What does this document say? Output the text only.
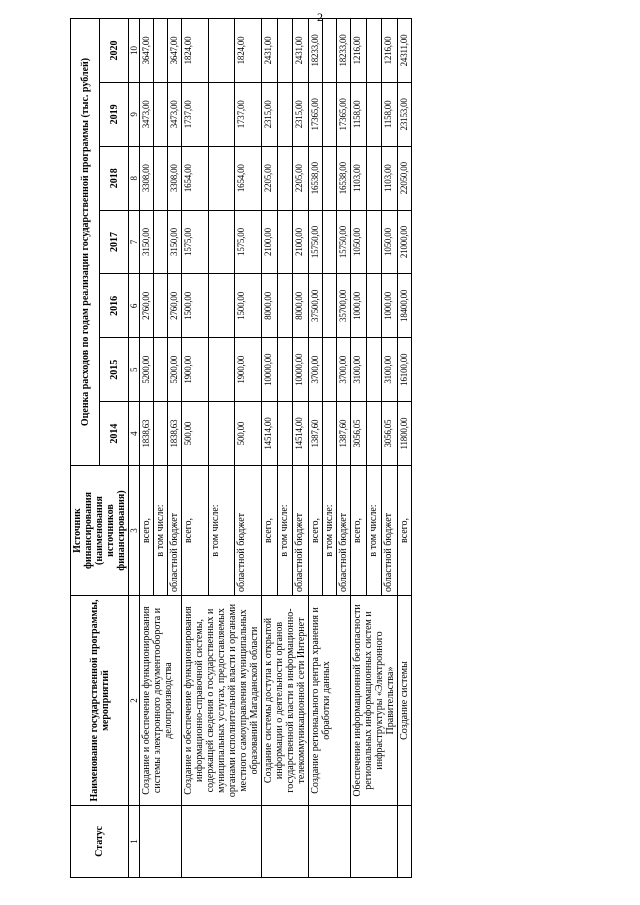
2
Статус	Наименование государственной программы, мероприятий	Источник финансирования (наименования источников финансирования)	Оценка расходов по годам реализации государственной программы (тыс. рублей)						
			2014	2015	2016	2017	2018	2019	2020
1	2	3	4	5	6	7	8	9	10
	Создание и обеспечение функционирования системы электронного документооборота и делопроизводства	всего,	1838,63	5200,00	2760,00	3150,00	3308,00	3473,00	3647,00
		в том числе:							
		областной бюджет	1838,63	5200,00	2760,00	3150,00	3308,00	3473,00	3647,00
	Создание и обеспечение функционирования информационно-справочной системы, содержащей сведения о государственных и муниципальных услугах, предоставляемых органами исполнительной власти и органами местного самоуправления муниципальных образований Магаданской области	всего,	500,00	1900,00	1500,00	1575,00	1654,00	1737,00	1824,00
		в том числе:							
		областной бюджет	500,00	1900,00	1500,00	1575,00	1654,00	1737,00	1824,00
	Создание системы доступа к открытой информации о деятельности органов государственной власти в информационно-телекоммуникационной сети Интернет	всего,	14514,00	10000,00	8000,00	2100,00	2205,00	2315,00	2431,00
		в том числе:							
		областной бюджет	14514,00	10000,00	8000,00	2100,00	2205,00	2315,00	2431,00
	Создание регионального центра хранения и обработки данных	всего,	1387,60	3700,00	37500,00	15750,00	16538,00	17365,00	18233,00
		в том числе:							
		областной бюджет	1387,60	3700,00	35700,00	15750,00	16538,00	17365,00	18233,00
	Обеспечение информационной безопасности региональных информационных систем и инфраструктуры «Электронного Правительства»	всего,	3056,05	3100,00	1000,00	1050,00	1103,00	1158,00	1216,00
		в том числе:							
		областной бюджет	3056,05	3100,00	1000,00	1050,00	1103,00	1158,00	1216,00
	Создание системы	всего,	11800,00	16100,00	18400,00	21000,00	22050,00	23153,00	24311,00
